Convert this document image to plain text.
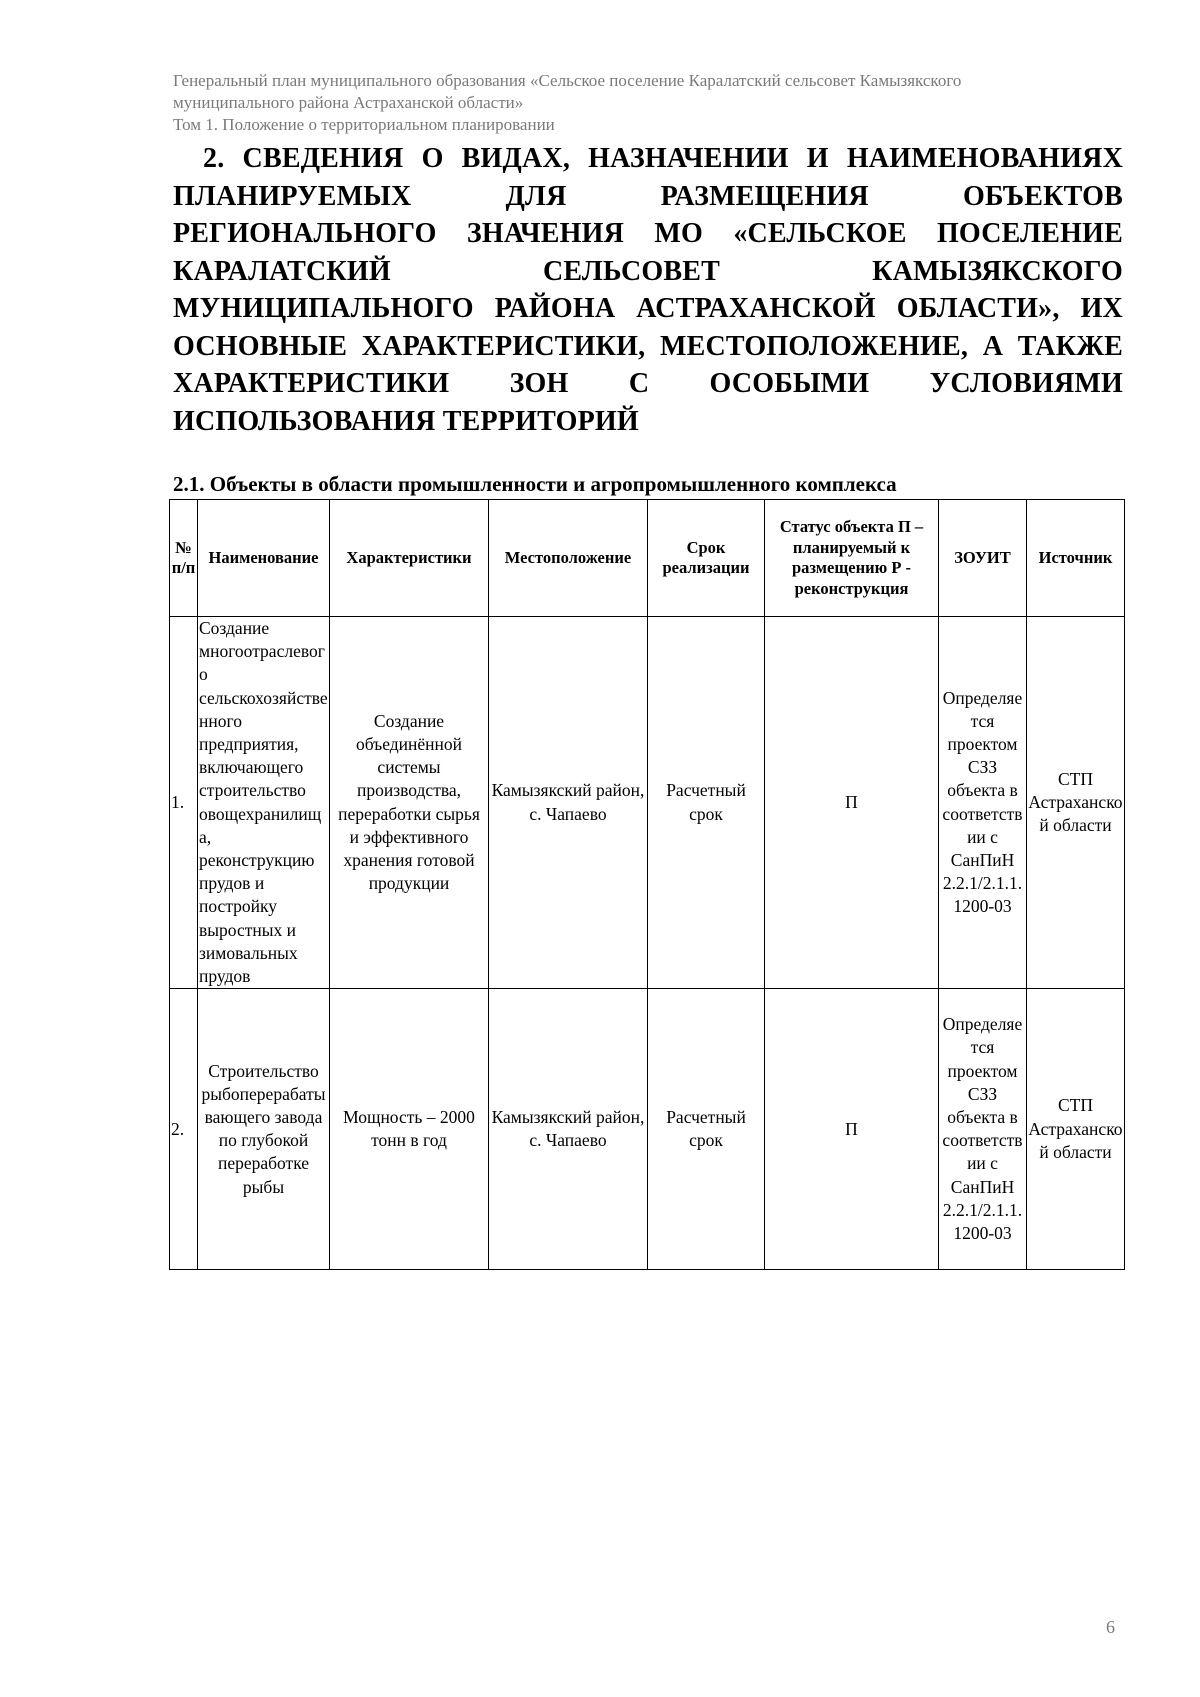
Генеральный план муниципального образования «Сельское поселение Каралатский сельсовет Камызякского
муниципального района Астраханской области»
Том 1. Положение о территориальном планировании
2. СВЕДЕНИЯ О ВИДАХ, НАЗНАЧЕНИИ И НАИМЕНОВАНИЯХ
ПЛАНИРУЕМЫХ	ДЛЯ	РАЗМЕЩЕНИЯ	ОБЪЕКТОВ
РЕГИОНАЛЬНОГО ЗНАЧЕНИЯ МО «СЕЛЬСКОЕ ПОСЕЛЕНИЕ
КАРАЛАТСКИЙ	СЕЛЬСОВЕТ	КАМЫЗЯКСКОГО
МУНИЦИПАЛЬНОГО РАЙОНА АСТРАХАНСКОЙ ОБЛАСТИ», ИХ
ОСНОВНЫЕ ХАРАКТЕРИСТИКИ, МЕСТОПОЛОЖЕНИЕ, А ТАКЖЕ
ХАРАКТЕРИСТИКИ ЗОН С ОСОБЫМИ УСЛОВИЯМИ
ИСПОЛЬЗОВАНИЯ ТЕРРИТОРИЙ
2.1. Объекты в области промышленности и агропромышленного комплекса
№ п/п	Наименование	Характеристики	Местоположение	Срок реализации	Статус объекта П – планируемый к размещению Р - реконструкция	ЗОУИТ	Источник
1.	Создание многоотраслевого сельскохозяйственного предприятия, включающего строительство овощехранилища, реконструкцию прудов и постройку выростных и зимовальных прудов	Создание объединённой системы производства, переработки сырья и эффективного хранения готовой продукции	Камызякский район, с. Чапаево	Расчетный срок	П	Определяется проектом СЗЗ объекта в соответствии с СанПиН 2.2.1/2.1.1.1200-03	СТП Астраханской области
2.	Строительство рыбоперерабатывающего завода по глубокой переработке рыбы	Мощность – 2000 тонн в год	Камызякский район, с. Чапаево	Расчетный срок	П	Определяется проектом СЗЗ объекта в соответствии с СанПиН 2.2.1/2.1.1.1200-03	СТП Астраханской области
6
